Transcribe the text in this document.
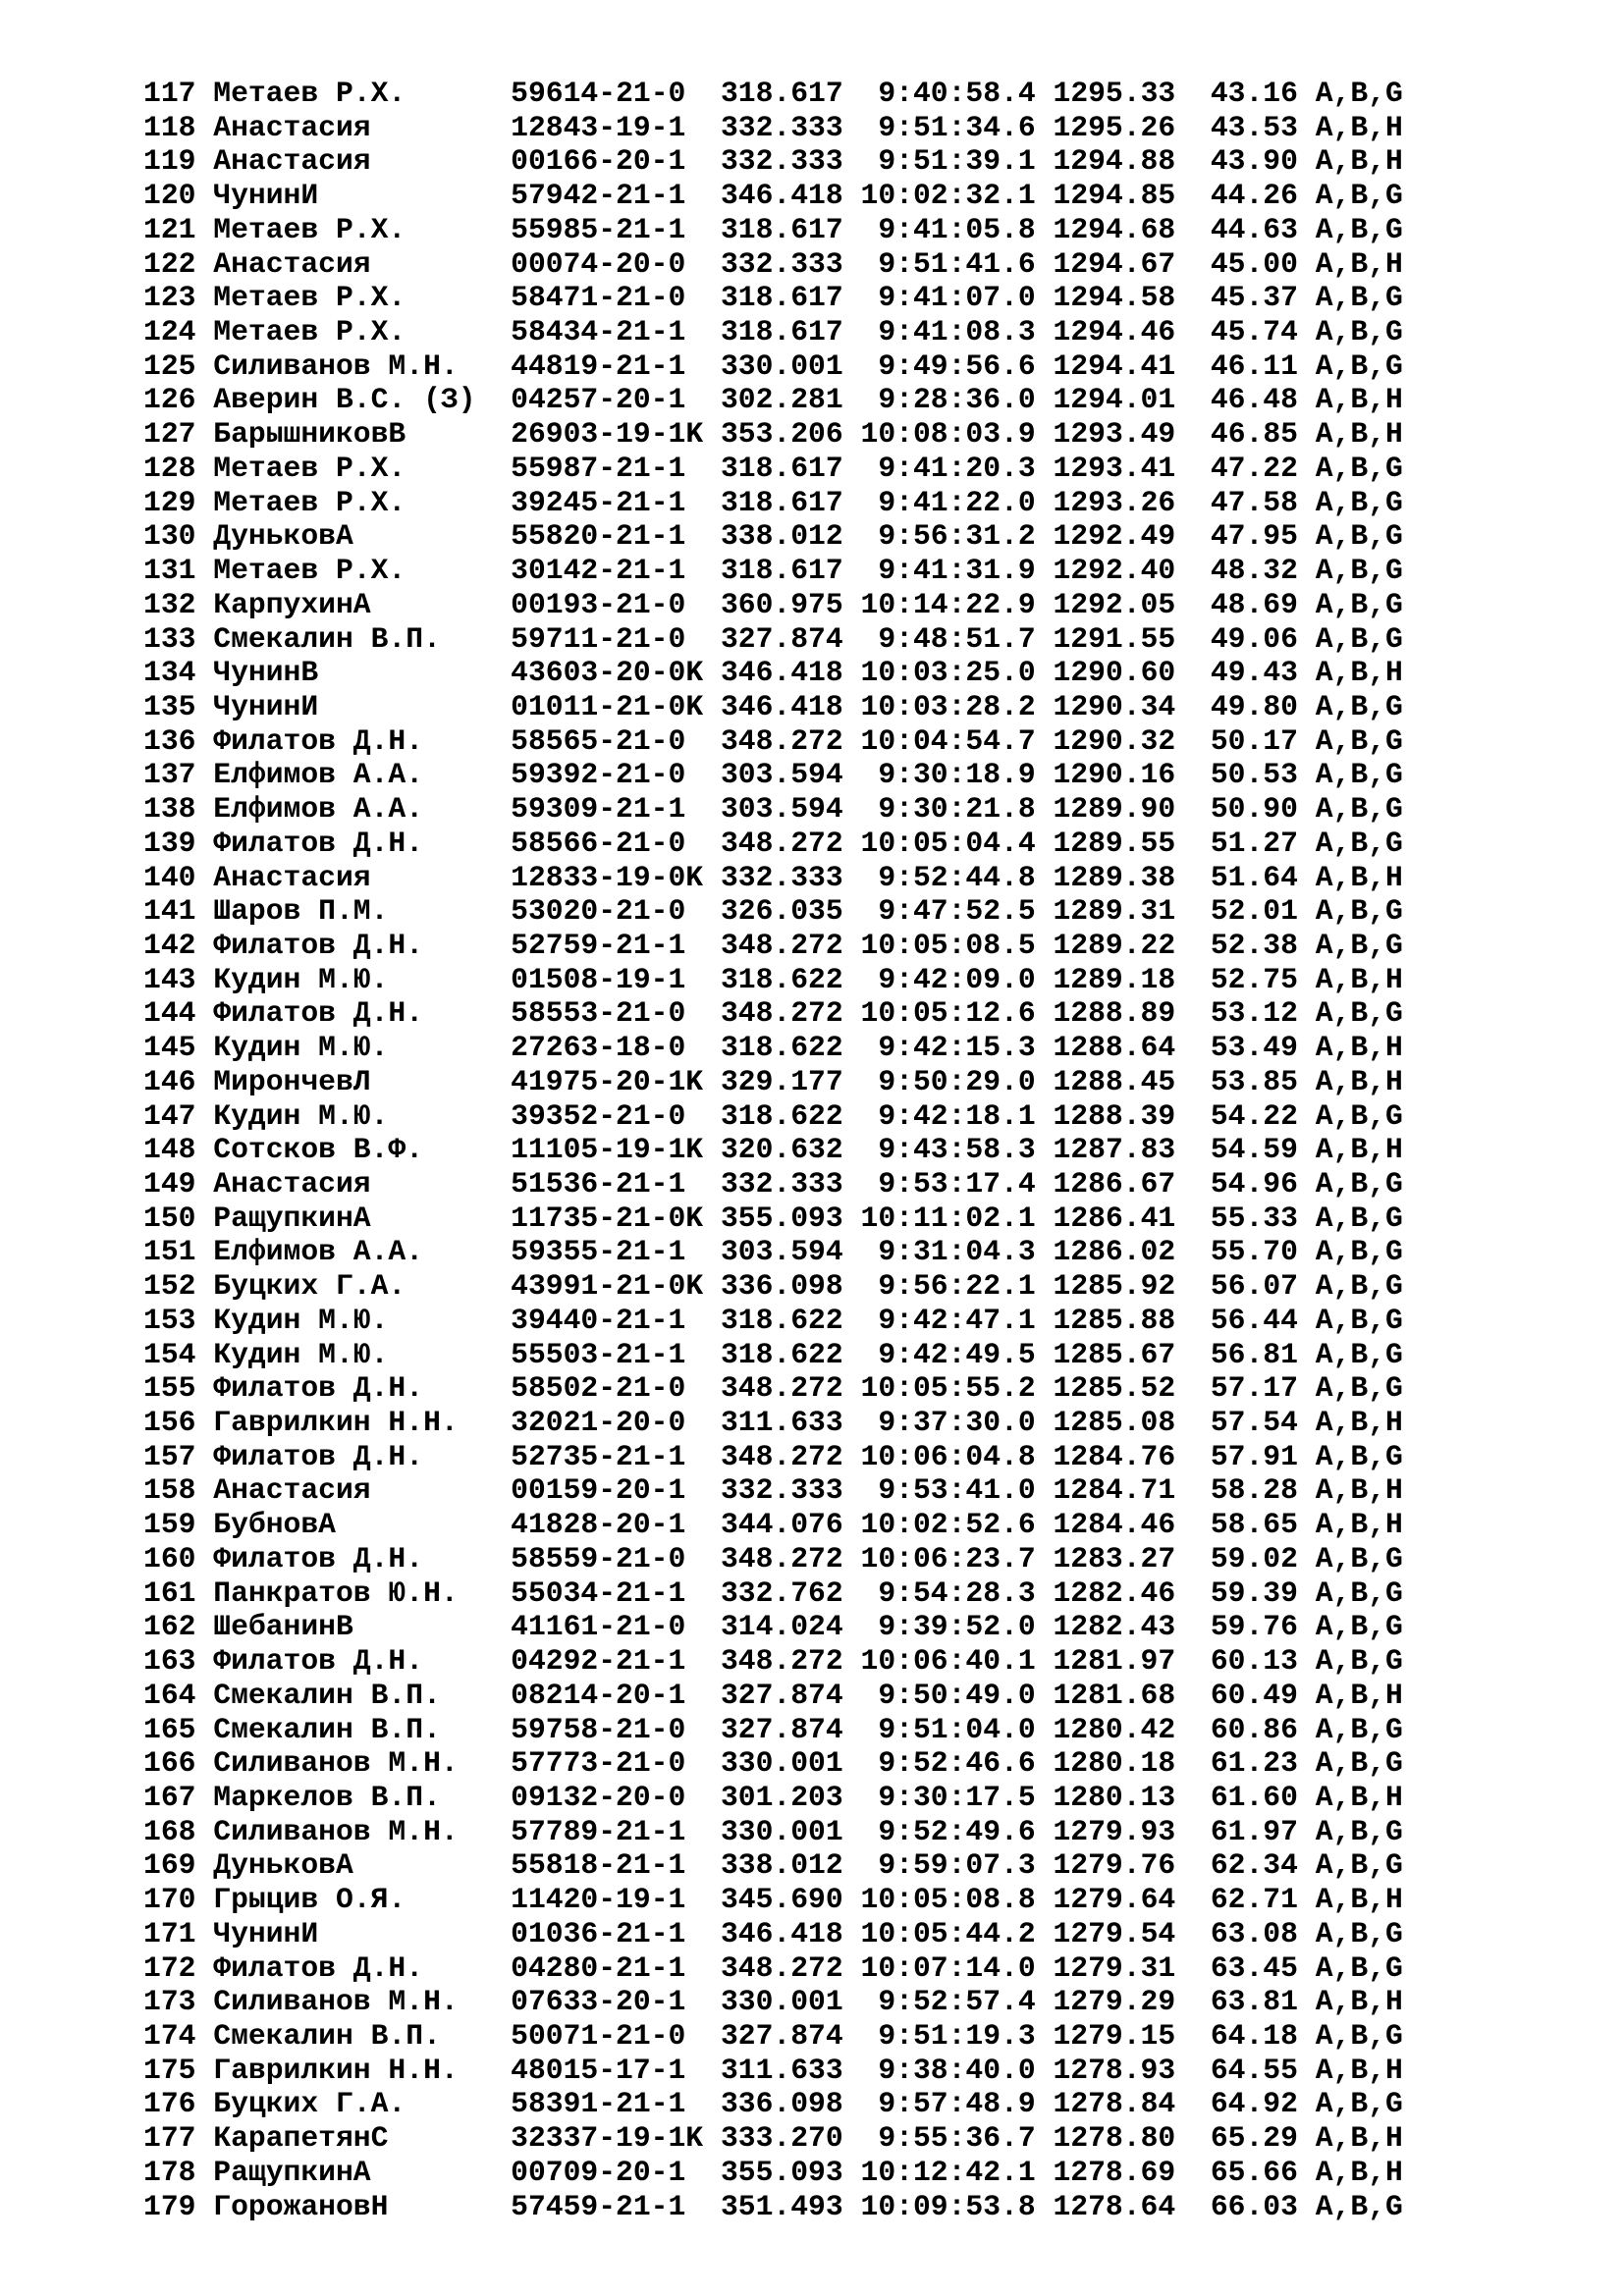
117 Метаев Р.Х.	59614-21-0 318.617 9:40:58.4 1295.33 43.16 A,B,G
118 Анастасия	12843-19-1 332.333 9:51:34.6 1295.26 43.53 A,B,H
119 Анастасия	00166-20-1 332.333 9:51:39.1 1294.88 43.90 A,B,H
120 ЧунинИ	57942-21-1 346.418 10:02:32.1 1294.85 44.26 A,B,G
121 Метаев Р.Х.	55985-21-1 318.617 9:41:05.8 1294.68 44.63 A,B,G
122 Анастасия	00074-20-0 332.333 9:51:41.6 1294.67 45.00 A,B,H
123 Метаев Р.Х.	58471-21-0 318.617 9:41:07.0 1294.58 45.37 A,B,G
124 Метаев Р.Х.	58434-21-1 318.617 9:41:08.3 1294.46 45.74 A,B,G
125 Силиванов М.Н. 44819-21-1 330.001 9:49:56.6 1294.41 46.11 A,B,G
126 Аверин В.С. (З) 04257-20-1 302.281 9:28:36.0 1294.01 46.48 A,B,H
127 БарышниковВ	26903-19-1K 353.206 10:08:03.9 1293.49 46.85 A,B,H
128 Метаев Р.Х.	55987-21-1 318.617 9:41:20.3 1293.41 47.22 A,B,G
129 Метаев Р.Х.	39245-21-1 318.617 9:41:22.0 1293.26 47.58 A,B,G
130 ДуньковА	55820-21-1 338.012 9:56:31.2 1292.49 47.95 A,B,G
131 Метаев Р.Х.	30142-21-1 318.617 9:41:31.9 1292.40 48.32 A,B,G
132 КарпухинА	00193-21-0 360.975 10:14:22.9 1292.05 48.69 A,B,G
133 Смекалин В.П. 59711-21-0 327.874 9:48:51.7 1291.55 49.06 A,B,G
134 ЧунинВ	43603-20-0K 346.418 10:03:25.0 1290.60 49.43 A,B,H
135 ЧунинИ	01011-21-0K 346.418 10:03:28.2 1290.34 49.80 A,B,G
136 Филатов Д.Н.	58565-21-0 348.272 10:04:54.7 1290.32 50.17 A,B,G
137 Елфимов А.А.	59392-21-0 303.594 9:30:18.9 1290.16 50.53 A,B,G
138 Елфимов А.А.	59309-21-1 303.594 9:30:21.8 1289.90 50.90 A,B,G
139 Филатов Д.Н.	58566-21-0 348.272 10:05:04.4 1289.55 51.27 A,B,G
140 Анастасия	12833-19-0K 332.333 9:52:44.8 1289.38 51.64 A,B,H
141 Шаров П.М.	53020-21-0 326.035 9:47:52.5 1289.31 52.01 A,B,G
142 Филатов Д.Н.	52759-21-1 348.272 10:05:08.5 1289.22 52.38 A,B,G
143 Кудин М.Ю.	01508-19-1 318.622 9:42:09.0 1289.18 52.75 A,B,H
144 Филатов Д.Н.	58553-21-0 348.272 10:05:12.6 1288.89 53.12 A,B,G
145 Кудин М.Ю.	27263-18-0 318.622 9:42:15.3 1288.64 53.49 A,B,H
146 МирончевЛ	41975-20-1K 329.177 9:50:29.0 1288.45 53.85 A,B,H
147 Кудин М.Ю.	39352-21-0 318.622 9:42:18.1 1288.39 54.22 A,B,G
148 Сотсков В.Ф.	11105-19-1K 320.632 9:43:58.3 1287.83 54.59 A,B,H
149 Анастасия	51536-21-1 332.333 9:53:17.4 1286.67 54.96 A,B,G
150 РащупкинА	11735-21-0K 355.093 10:11:02.1 1286.41 55.33 A,B,G
151 Елфимов А.А.	59355-21-1 303.594 9:31:04.3 1286.02 55.70 A,B,G
152 Буцких Г.А.	43991-21-0K 336.098 9:56:22.1 1285.92 56.07 A,B,G
153 Кудин М.Ю.	39440-21-1 318.622 9:42:47.1 1285.88 56.44 A,B,G
154 Кудин М.Ю.	55503-21-1 318.622 9:42:49.5 1285.67 56.81 A,B,G
155 Филатов Д.Н.	58502-21-0 348.272 10:05:55.2 1285.52 57.17 A,B,G
156 Гаврилкин Н.Н. 32021-20-0 311.633 9:37:30.0 1285.08 57.54 A,B,H
157 Филатов Д.Н.	52735-21-1 348.272 10:06:04.8 1284.76 57.91 A,B,G
158 Анастасия	00159-20-1 332.333 9:53:41.0 1284.71 58.28 A,B,H
159 БубновА	41828-20-1 344.076 10:02:52.6 1284.46 58.65 A,B,H
160 Филатов Д.Н.	58559-21-0 348.272 10:06:23.7 1283.27 59.02 A,B,G
161 Панкратов Ю.Н. 55034-21-1 332.762 9:54:28.3 1282.46 59.39 A,B,G
162 ШебанинВ	41161-21-0 314.024 9:39:52.0 1282.43 59.76 A,B,G
163 Филатов Д.Н.	04292-21-1 348.272 10:06:40.1 1281.97 60.13 A,B,G
164 Смекалин В.П. 08214-20-1 327.874 9:50:49.0 1281.68 60.49 A,B,H
165 Смекалин В.П. 59758-21-0 327.874 9:51:04.0 1280.42 60.86 A,B,G
166 Силиванов М.Н. 57773-21-0 330.001 9:52:46.6 1280.18 61.23 A,B,G
167 Маркелов В.П. 09132-20-0 301.203 9:30:17.5 1280.13 61.60 A,B,H
168 Силиванов М.Н. 57789-21-1 330.001 9:52:49.6 1279.93 61.97 A,B,G
169 ДуньковА	55818-21-1 338.012 9:59:07.3 1279.76 62.34 A,B,G
170 Грыцив О.Я.	11420-19-1 345.690 10:05:08.8 1279.64 62.71 A,B,H
171 ЧунинИ	01036-21-1 346.418 10:05:44.2 1279.54 63.08 A,B,G
172 Филатов Д.Н.	04280-21-1 348.272 10:07:14.0 1279.31 63.45 A,B,G
173 Силиванов М.Н. 07633-20-1 330.001 9:52:57.4 1279.29 63.81 A,B,H
174 Смекалин В.П. 50071-21-0 327.874 9:51:19.3 1279.15 64.18 A,B,G
175 Гаврилкин Н.Н. 48015-17-1 311.633 9:38:40.0 1278.93 64.55 A,B,H
176 Буцких Г.А.	58391-21-1 336.098 9:57:48.9 1278.84 64.92 A,B,G
177 КарапетянС	32337-19-1K 333.270 9:55:36.7 1278.80 65.29 A,B,H
178 РащупкинА	00709-20-1 355.093 10:12:42.1 1278.69 65.66 A,B,H
179 ГорожановН	57459-21-1 351.493 10:09:53.8 1278.64 66.03 A,B,G
